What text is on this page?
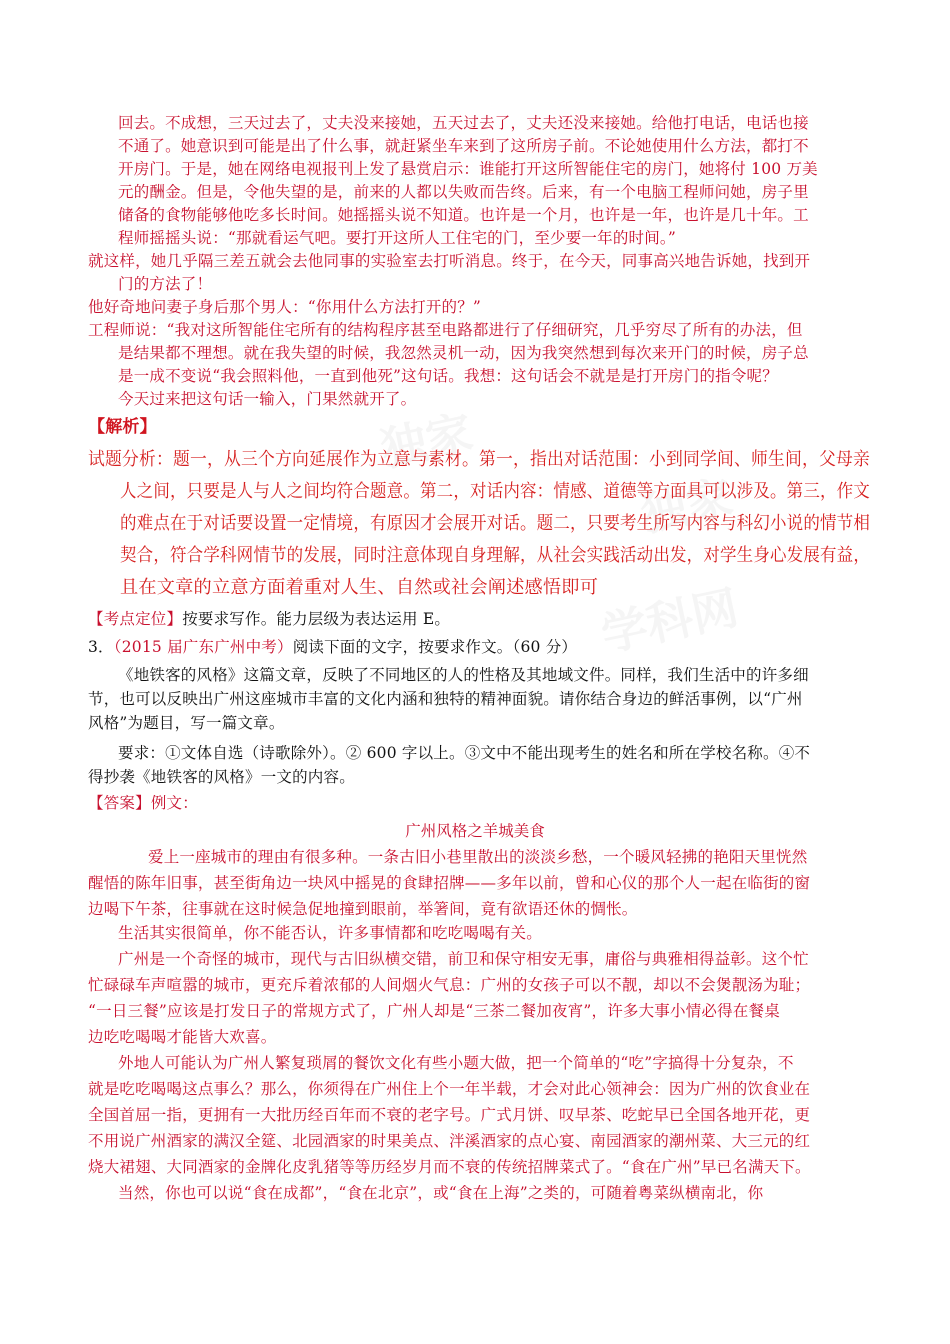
独家
独家
学科网

回去。不成想，三天过去了，丈夫没来接她，五天过去了，丈夫还没来接她。给他打电话，电话也接

不通了。她意识到可能是出了什么事，就赶紧坐车来到了这所房子前。不论她使用什么方法，都打不

开房门。于是，她在网络电视报刊上发了悬赏启示：谁能打开这所智能住宅的房门，她将付 100 万美

元的酬金。但是，令他失望的是，前来的人都以失败而告终。后来，有一个电脑工程师问她，房子里

储备的食物能够他吃多长时间。她摇摇头说不知道。也许是一个月，也许是一年，也许是几十年。工

程师摇摇头说：“那就看运气吧。要打开这所人工住宅的门，至少要一年的时间。”

就这样，她几乎隔三差五就会去他同事的实验室去打听消息。终于，在今天，同事高兴地告诉她，找到开

门的方法了！

他好奇地问妻子身后那个男人：“你用什么方法打开的？”

工程师说：“我对这所智能住宅所有的结构程序甚至电路都进行了仔细研究，几乎穷尽了所有的办法，但

是结果都不理想。就在我失望的时候，我忽然灵机一动，因为我突然想到每次来开门的时候，房子总

是一成不变说“我会照料他，一直到他死”这句话。我想：这句话会不就是是打开房门的指令呢？

今天过来把这句话一输入，门果然就开了。

【解析】

试题分析：题一，从三个方向延展作为立意与素材。第一，指出对话范围：小到同学间、师生间，父母亲

人之间，只要是人与人之间均符合题意。第二，对话内容：情感、道德等方面具可以涉及。第三，作文

的难点在于对话要设置一定情境，有原因才会展开对话。题二，只要考生所写内容与科幻小说的情节相

契合，符合学科网情节的发展，同时注意体现自身理解，从社会实践活动出发，对学生身心发展有益，

且在文章的立意方面着重对人生、自然或社会阐述感悟即可

【考点定位】按要求写作。能力层级为表达运用 E。

3．（2015 届广东广州中考）阅读下面的文字，按要求作文。（60 分）

《地铁客的风格》这篇文章，反映了不同地区的人的性格及其地域文件。同样，我们生活中的许多细

节，也可以反映出广州这座城市丰富的文化内涵和独特的精神面貌。请你结合身边的鲜活事例，以“广州

风格”为题目，写一篇文章。

要求：①文体自选（诗歌除外）。② 600 字以上。③文中不能出现考生的姓名和所在学校名称。④不

得抄袭《地铁客的风格》一文的内容。

【答案】例文：

广州风格之羊城美食

爱上一座城市的理由有很多种。一条古旧小巷里散出的淡淡乡愁，一个暖风轻拂的艳阳天里恍然

醒悟的陈年旧事，甚至街角边一块风中摇晃的食肆招牌——多年以前，曾和心仪的那个人一起在临街的窗

边喝下午茶，往事就在这时候急促地撞到眼前，举箸间，竟有欲语还休的惆怅。

生活其实很简单，你不能否认，许多事情都和吃吃喝喝有关。

广州是一个奇怪的城市，现代与古旧纵横交错，前卫和保守相安无事，庸俗与典雅相得益彰。这个忙

忙碌碌车声喧嚣的城市，更充斥着浓郁的人间烟火气息：广州的女孩子可以不靓，却以不会煲靓汤为耻；

“一日三餐”应该是打发日子的常规方式了，广州人却是“三茶二餐加夜宵”，许多大事小情必得在餐桌

边吃吃喝喝才能皆大欢喜。

外地人可能认为广州人繁复琐屑的餐饮文化有些小题大做，把一个简单的“吃”字搞得十分复杂，不

就是吃吃喝喝这点事么？那么，你须得在广州住上个一年半载，才会对此心领神会：因为广州的饮食业在

全国首屈一指，更拥有一大批历经百年而不衰的老字号。广式月饼、叹早茶、吃蛇早已全国各地开花，更

不用说广州酒家的满汉全筵、北园酒家的时果美点、泮溪酒家的点心宴、南园酒家的潮州菜、大三元的红

烧大裙翅、大同酒家的金牌化皮乳猪等等历经岁月而不衰的传统招牌菜式了。“食在广州”早已名满天下。

当然，你也可以说“食在成都”，“食在北京”，或“食在上海”之类的，可随着粤菜纵横南北，你
